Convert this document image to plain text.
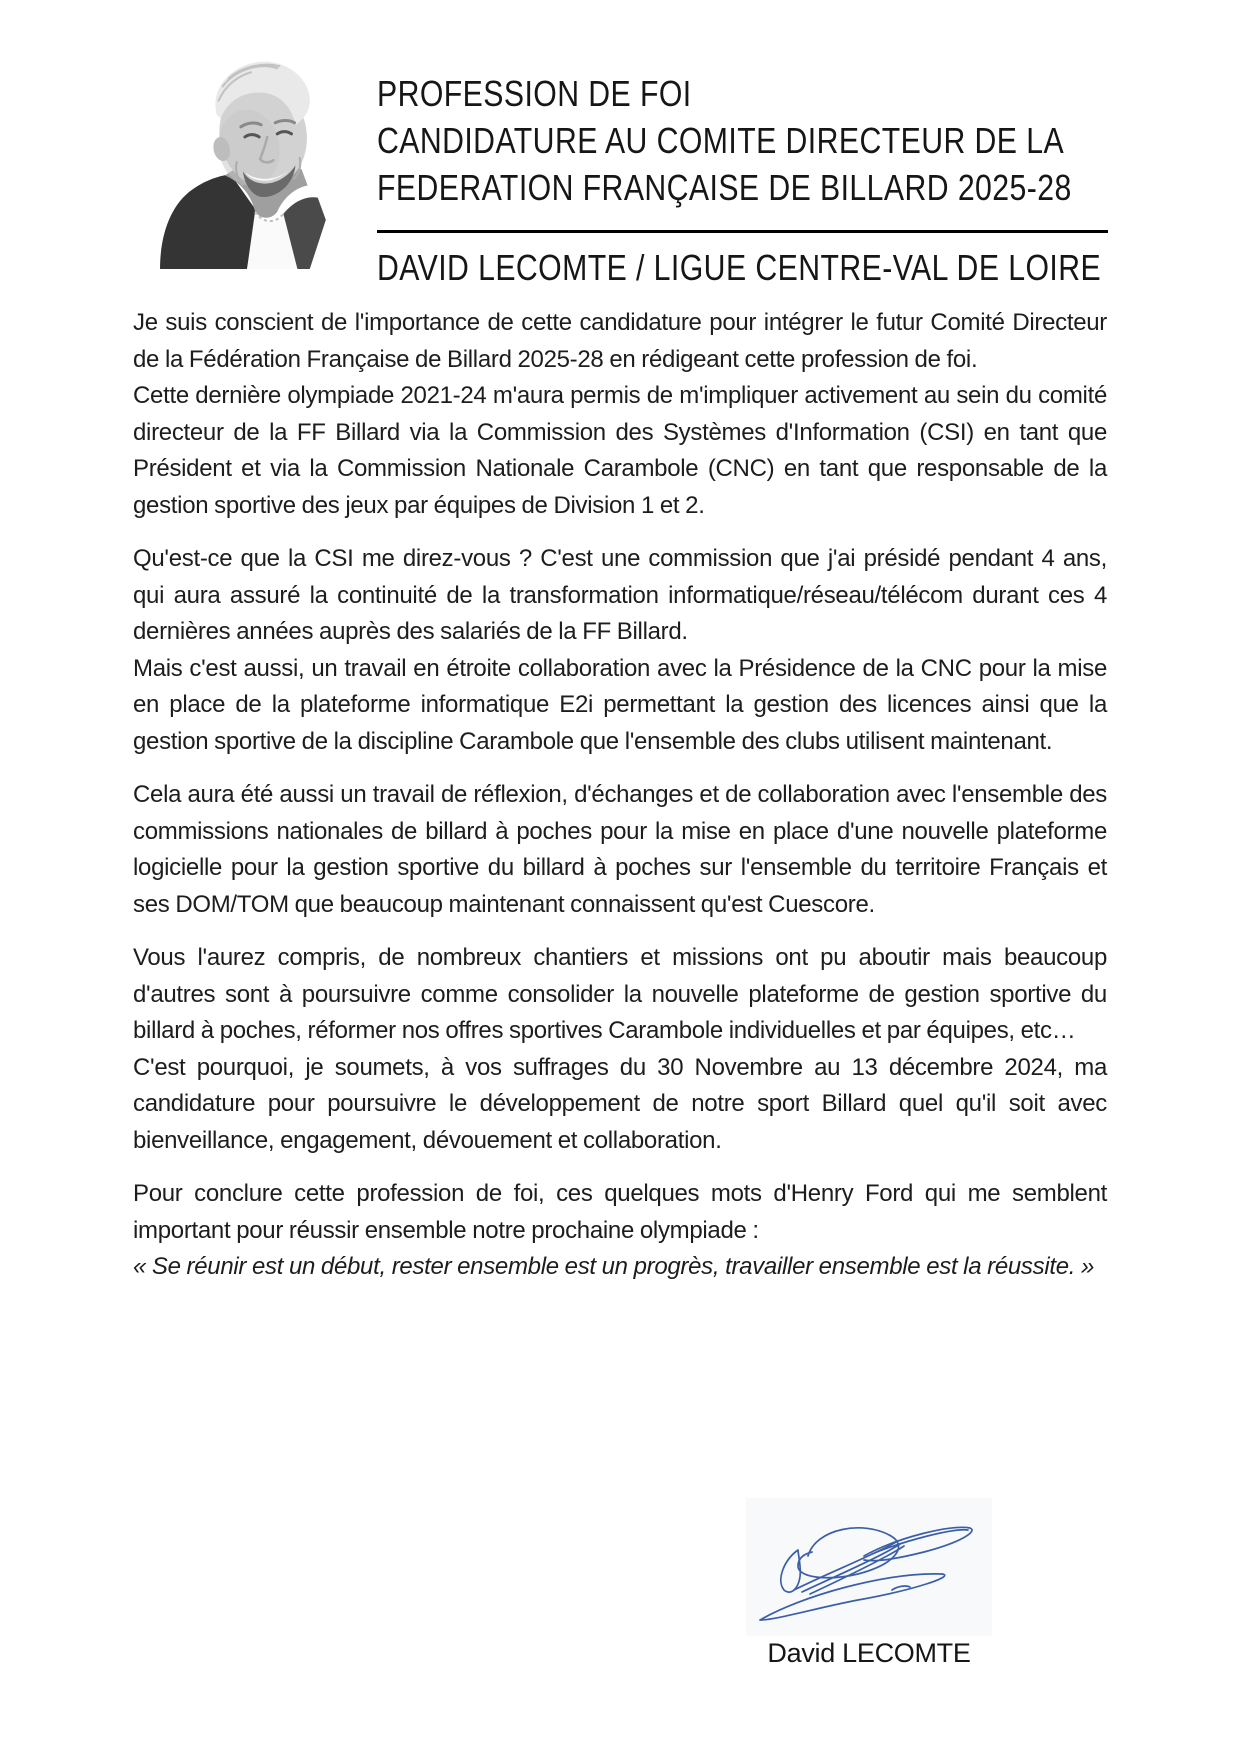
PROFESSION DE FOI
CANDIDATURE AU COMITE DIRECTEUR DE LA
FEDERATION FRANÇAISE DE BILLARD 2025-28
DAVID LECOMTE / LIGUE CENTRE-VAL DE LOIRE

Je suis conscient de l'importance de cette candidature pour intégrer le futur Comité Directeur de la Fédération Française de Billard 2025-28 en rédigeant cette profession de foi.

Cette dernière olympiade 2021-24 m'aura permis de m'impliquer activement au sein du comité directeur de la FF Billard via la Commission des Systèmes d'Information (CSI) en tant que Président et via la Commission Nationale Carambole (CNC) en tant que responsable de la gestion sportive des jeux par équipes de Division 1 et 2.

Qu'est-ce que la CSI me direz-vous ? C'est une commission que j'ai présidé pendant 4 ans, qui aura assuré la continuité de la transformation informatique/réseau/télécom durant ces 4 dernières années auprès des salariés de la FF Billard.

Mais c'est aussi, un travail en étroite collaboration avec la Présidence de la CNC pour la mise en place de la plateforme informatique E2i permettant la gestion des licences ainsi que la gestion sportive de la discipline Carambole que l'ensemble des clubs utilisent maintenant.

Cela aura été aussi un travail de réflexion, d'échanges et de collaboration avec l'ensemble des commissions nationales de billard à poches pour la mise en place d'une nouvelle plateforme logicielle pour la gestion sportive du billard à poches sur l'ensemble du territoire Français et ses DOM/TOM que beaucoup maintenant connaissent qu'est Cuescore.

Vous l'aurez compris, de nombreux chantiers et missions ont pu aboutir mais beaucoup d'autres sont à poursuivre comme consolider la nouvelle plateforme de gestion sportive du billard à poches, réformer nos offres sportives Carambole individuelles et par équipes, etc…

C'est pourquoi, je soumets, à vos suffrages du 30 Novembre au 13 décembre 2024, ma candidature pour poursuivre le développement de notre sport Billard quel qu'il soit avec bienveillance, engagement, dévouement et collaboration.

Pour conclure cette profession de foi, ces quelques mots d'Henry Ford qui me semblent important pour réussir ensemble notre prochaine olympiade :

« Se réunir est un début, rester ensemble est un progrès, travailler ensemble est la réussite. »

David LECOMTE
